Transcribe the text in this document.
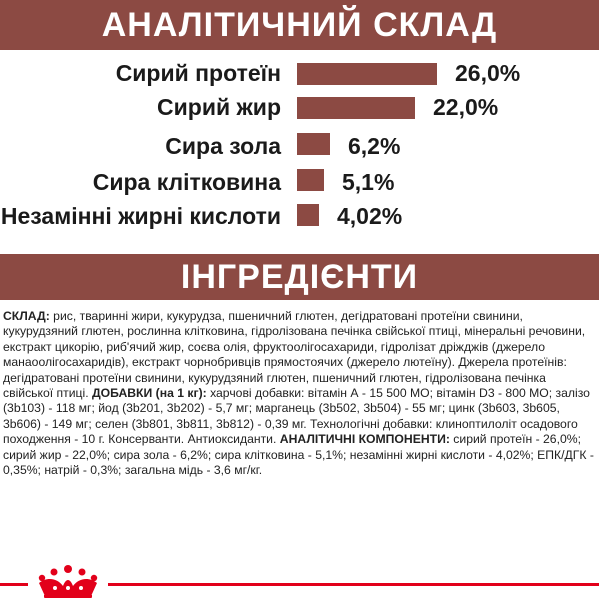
АНАЛІТИЧНИЙ СКЛАД
Сирий протеїн	26,0%
Сирий жир	22,0%
Сира зола	6,2%
Сира клітковина	5,1%
Незамінні жирні кислоти 4,02%
ІНГРЕДІЄНТИ
СКЛАД: рис, тваринні жири, кукурудза, пшеничний глютен, дегідратовані протеїни свинини, кукурудзяний глютен, рослинна клітковина, гідролізована печінка свійської птиці, мінеральні речовини, екстракт цикорію, риб'ячий жир, соєва олія, фруктоолігосахариди, гідролізат дріжджів (джерело манаоолігосахаридів), екстракт чорнобривців прямостоячих (джерело лютеїну). Джерела протеїнів: дегідратовані протеїни свинини, кукурудзяний глютен, пшеничний глютен, гідролізована печінка свійської птиці. ДОБАВКИ (на 1 кг): харчові добавки: вітамін А - 15 500 МО; вітамін D3 - 800 МО; залізо (3b103) - 118 мг; йод (3b201, 3b202) - 5,7 мг; марганець (3b502, 3b504) - 55 мг; цинк (3b603, 3b605, 3b606) - 149 мг; селен (3b801, 3b811, 3b812) - 0,39 мг. Технологічні добавки: клиноптилоліт осадового походження - 10 г. Консерванти. Антиоксиданти. АНАЛІТИЧНІ КОМПОНЕНТИ: сирий протеїн - 26,0%; сирий жир - 22,0%; сира зола - 6,2%; сира клітковина - 5,1%; незамінні жирні кислоти - 4,02%; ЕПК/ДГК - 0,35%; натрій - 0,3%; загальна мідь - 3,6 мг/кг.
